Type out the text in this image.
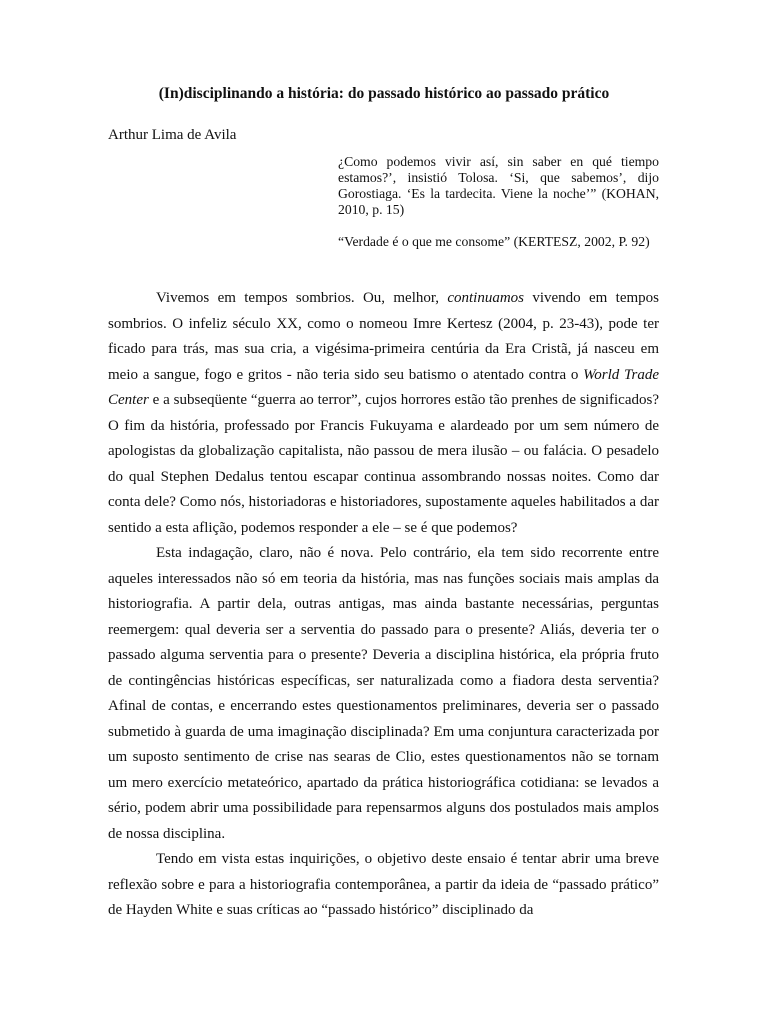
(In)disciplinando a história: do passado histórico ao passado prático
Arthur Lima de Avila
¿Como podemos vivir así, sin saber en qué tiempo estamos?’, insistió Tolosa. ‘Si, que sabemos’, dijo Gorostiaga. ‘Es la tardecita. Viene la noche’” (KOHAN, 2010, p. 15)
“Verdade é o que me consome” (KERTESZ, 2002, P. 92)

Vivemos em tempos sombrios. Ou, melhor, continuamos vivendo em tempos sombrios. O infeliz século XX, como o nomeou Imre Kertesz (2004, p. 23-43), pode ter ficado para trás, mas sua cria, a vigésima-primeira centúria da Era Cristã, já nasceu em meio a sangue, fogo e gritos - não teria sido seu batismo o atentado contra o World Trade Center e a subseqüente “guerra ao terror”, cujos horrores estão tão prenhes de significados? O fim da história, professado por Francis Fukuyama e alardeado por um sem número de apologistas da globalização capitalista, não passou de mera ilusão – ou falácia. O pesadelo do qual Stephen Dedalus tentou escapar continua assombrando nossas noites. Como dar conta dele? Como nós, historiadoras e historiadores, supostamente aqueles habilitados a dar sentido a esta aflição, podemos responder a ele – se é que podemos?

Esta indagação, claro, não é nova. Pelo contrário, ela tem sido recorrente entre aqueles interessados não só em teoria da história, mas nas funções sociais mais amplas da historiografia. A partir dela, outras antigas, mas ainda bastante necessárias, perguntas reemergem: qual deveria ser a serventia do passado para o presente? Aliás, deveria ter o passado alguma serventia para o presente? Deveria a disciplina histórica, ela própria fruto de contingências históricas específicas, ser naturalizada como a fiadora desta serventia? Afinal de contas, e encerrando estes questionamentos preliminares, deveria ser o passado submetido à guarda de uma imaginação disciplinada? Em uma conjuntura caracterizada por um suposto sentimento de crise nas searas de Clio, estes questionamentos não se tornam um mero exercício metateórico, apartado da prática historiográfica cotidiana: se levados a sério, podem abrir uma possibilidade para repensarmos alguns dos postulados mais amplos de nossa disciplina.

Tendo em vista estas inquirições, o objetivo deste ensaio é tentar abrir uma breve reflexão sobre e para a historiografia contemporânea, a partir da ideia de “passado prático” de Hayden White e suas críticas ao “passado histórico” disciplinado da
